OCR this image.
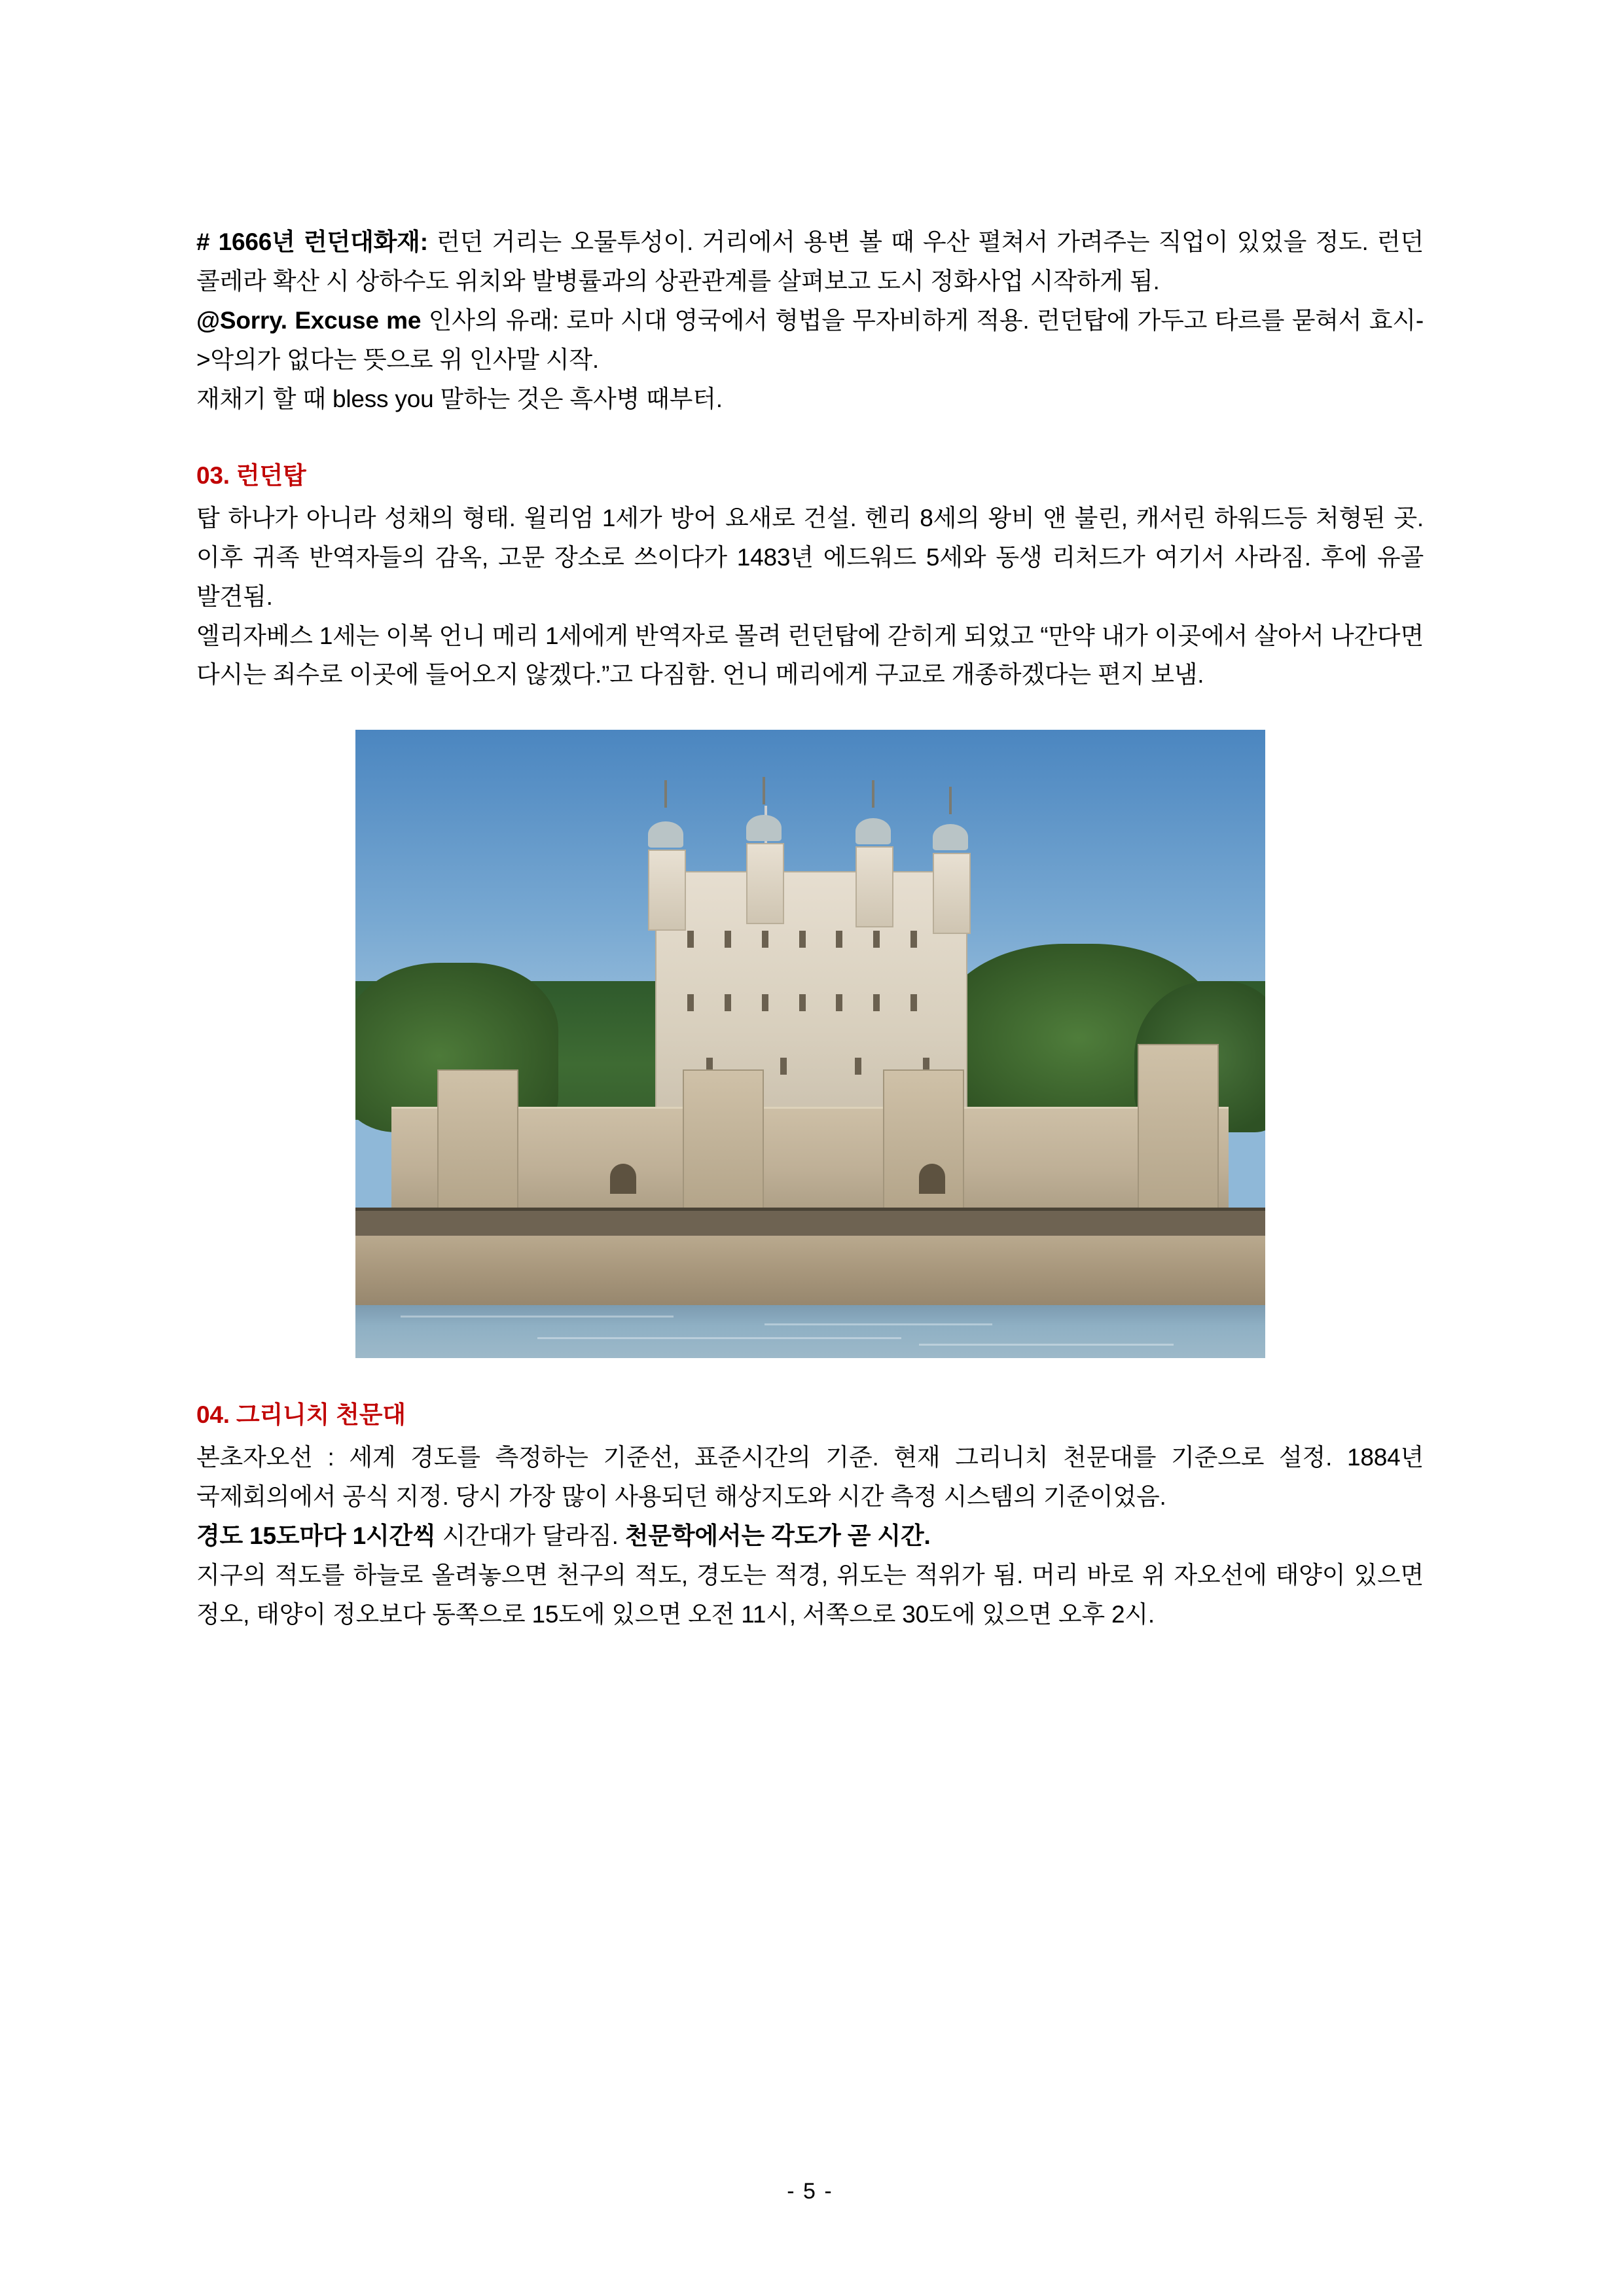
# 1666년 런던대화재: 런던 거리는 오물투성이. 거리에서 용변 볼 때 우산 펼쳐서 가려주는 직업이 있었을 정도. 런던 콜레라 확산 시 상하수도 위치와 발병률과의 상관관계를 살펴보고 도시 정화사업 시작하게 됨.

@Sorry. Excuse me 인사의 유래: 로마 시대 영국에서 형법을 무자비하게 적용. 런던탑에 가두고 타르를 묻혀서 효시->악의가 없다는 뜻으로 위 인사말 시작.

재채기 할 때 bless you 말하는 것은 흑사병 때부터.

03. 런던탑

탑 하나가 아니라 성채의 형태. 윌리엄 1세가 방어 요새로 건설. 헨리 8세의 왕비 앤 불린, 캐서린 하워드등 처형된 곳. 이후 귀족 반역자들의 감옥, 고문 장소로 쓰이다가 1483년 에드워드 5세와 동생 리처드가 여기서 사라짐. 후에 유골 발견됨.

엘리자베스 1세는 이복 언니 메리 1세에게 반역자로 몰려 런던탑에 갇히게 되었고 “만약 내가 이곳에서 살아서 나간다면 다시는 죄수로 이곳에 들어오지 않겠다.”고 다짐함. 언니 메리에게 구교로 개종하겠다는 편지 보냄.

04. 그리니치 천문대

본초자오선 : 세계 경도를 측정하는 기준선, 표준시간의 기준. 현재 그리니치 천문대를 기준으로 설정. 1884년 국제회의에서 공식 지정. 당시 가장 많이 사용되던 해상지도와 시간 측정 시스템의 기준이었음.

경도 15도마다 1시간씩 시간대가 달라짐. 천문학에서는 각도가 곧 시간.

지구의 적도를 하늘로 올려놓으면 천구의 적도, 경도는 적경, 위도는 적위가 됨. 머리 바로 위 자오선에 태양이 있으면 정오, 태양이 정오보다 동쪽으로 15도에 있으면 오전 11시, 서쪽으로 30도에 있으면 오후 2시.

- 5 -
